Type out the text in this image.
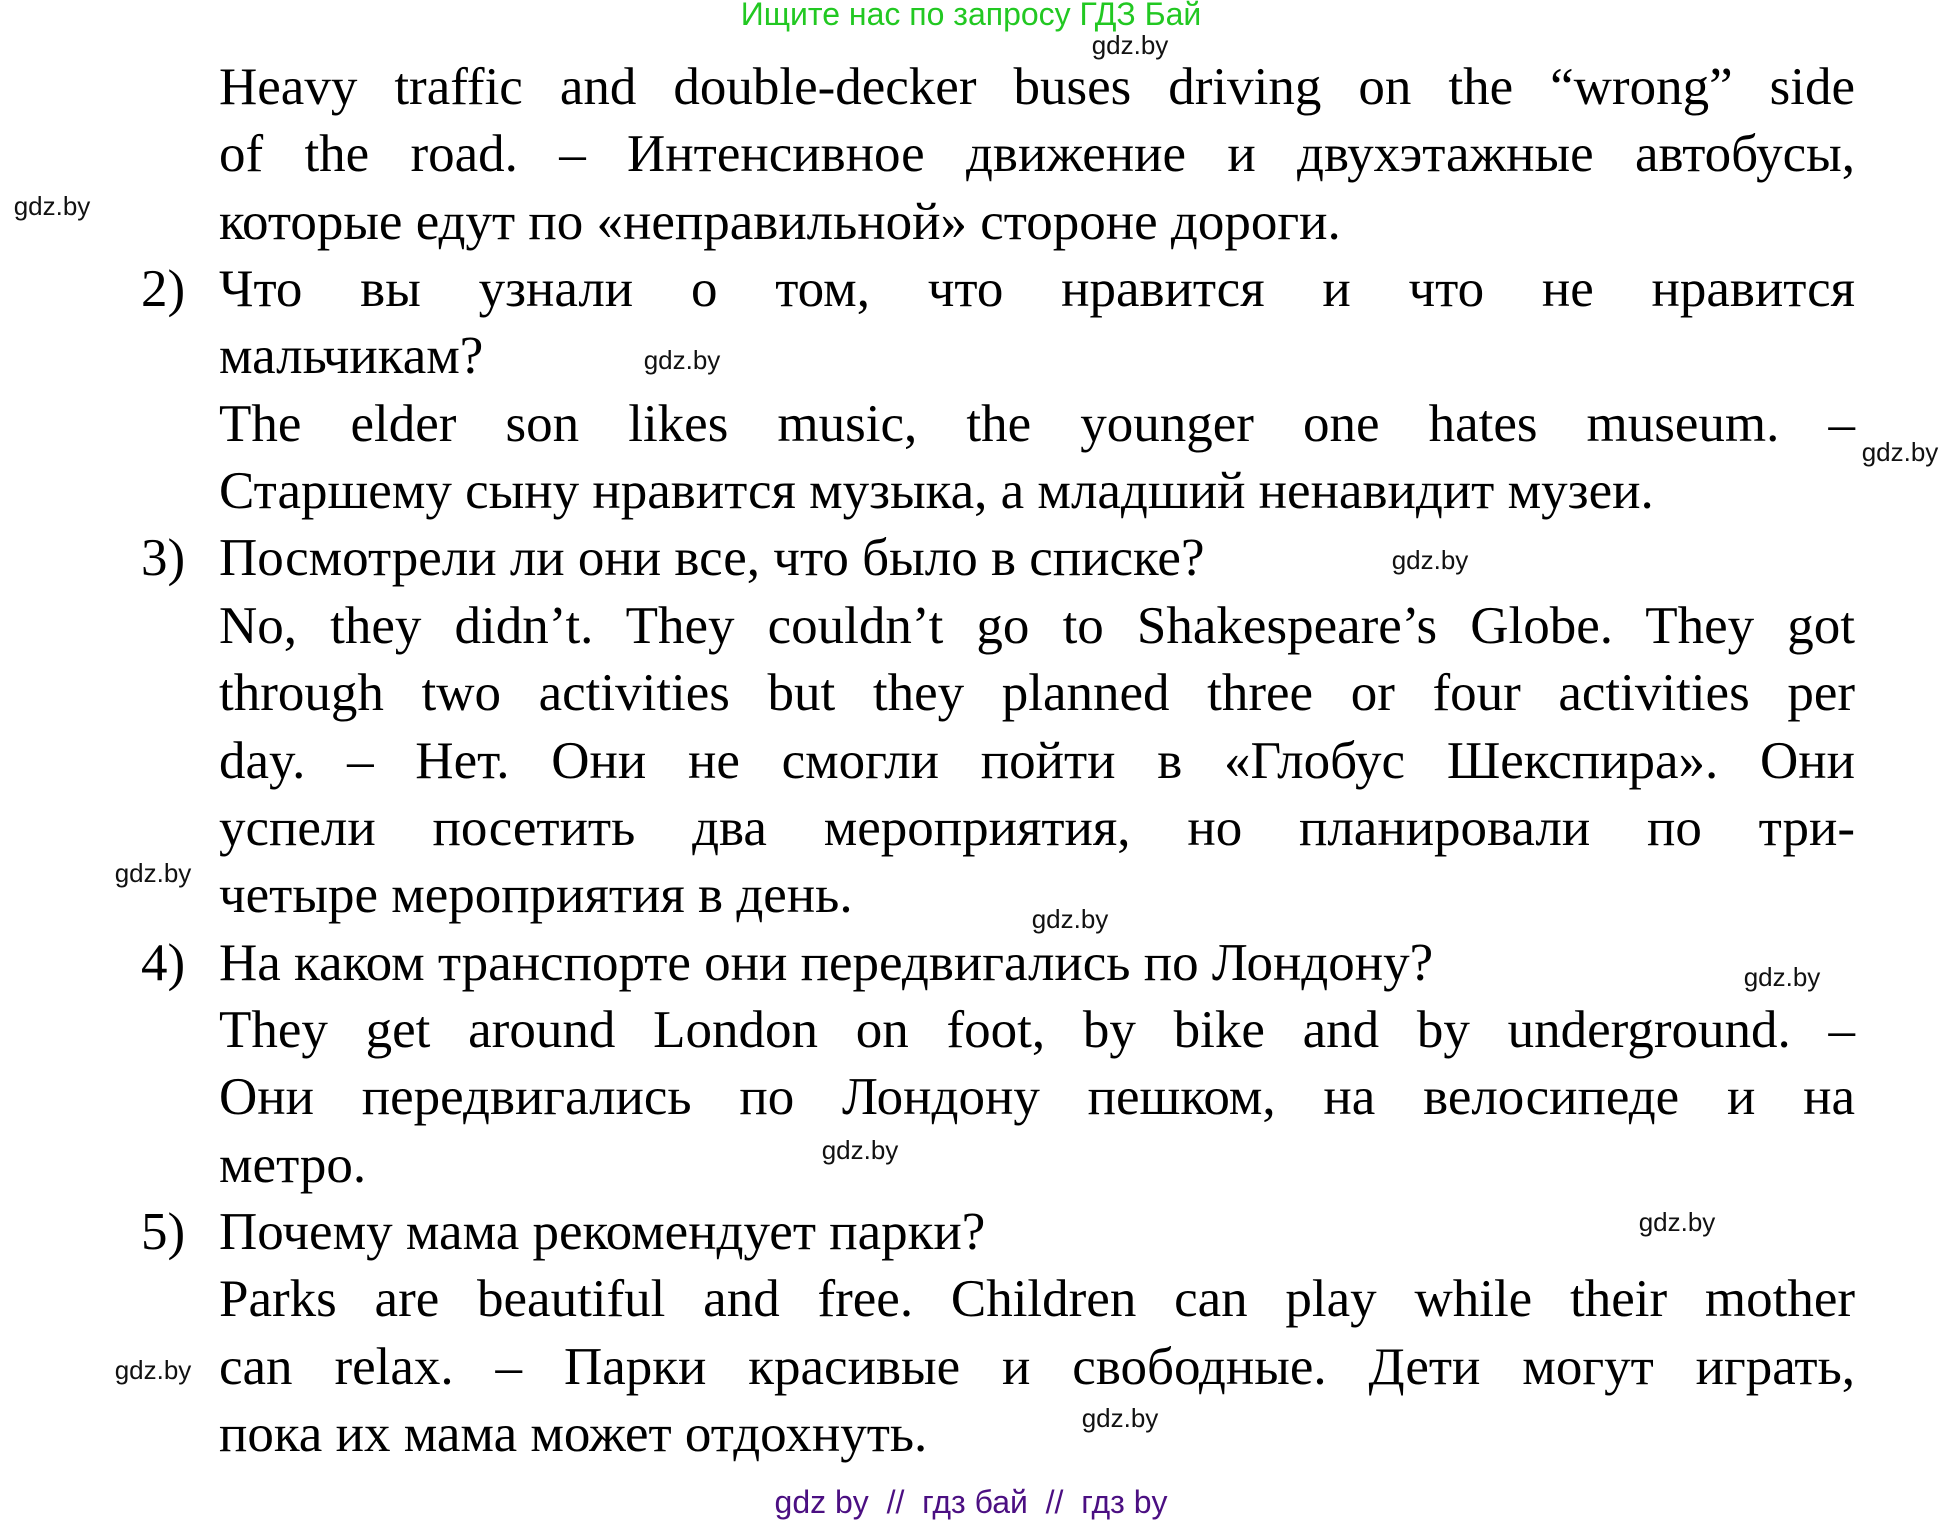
Ищите нас по запросу ГДЗ Бай
Heavy traffic and double-decker buses driving on the “wrong” side
of the road. – Интенсивное движение и двухэтажные автобусы,
которые едут по «неправильной» стороне дороги.
2) Что вы узнали о том, что нравится и что не нравится
мальчикам?
The elder son likes music, the younger one hates museum. –
Старшему сыну нравится музыка, а младший ненавидит музеи.
3) Посмотрели ли они все, что было в списке?
No, they didn’t. They couldn’t go to Shakespeare’s Globe. They got
through two activities but they planned three or four activities per
day. – Нет. Они не смогли пойти в «Глобус Шекспира». Они
успели посетить два мероприятия, но планировали по три-
четыре мероприятия в день.
4) На каком транспорте они передвигались по Лондону?
They get around London on foot, by bike and by underground. –
Они передвигались по Лондону пешком, на велосипеде и на
метро.
5) Почему мама рекомендует парки?
Parks are beautiful and free. Children can play while their mother
can relax. – Парки красивые и свободные. Дети могут играть,
пока их мама может отдохнуть.
gdz.by
gdz.by
gdz.by
gdz.by
gdz.by
gdz.by
gdz.by
gdz.by
gdz.by
gdz.by
gdz.by
gdz.by
gdz by  //  гдз бай  //  гдз by
